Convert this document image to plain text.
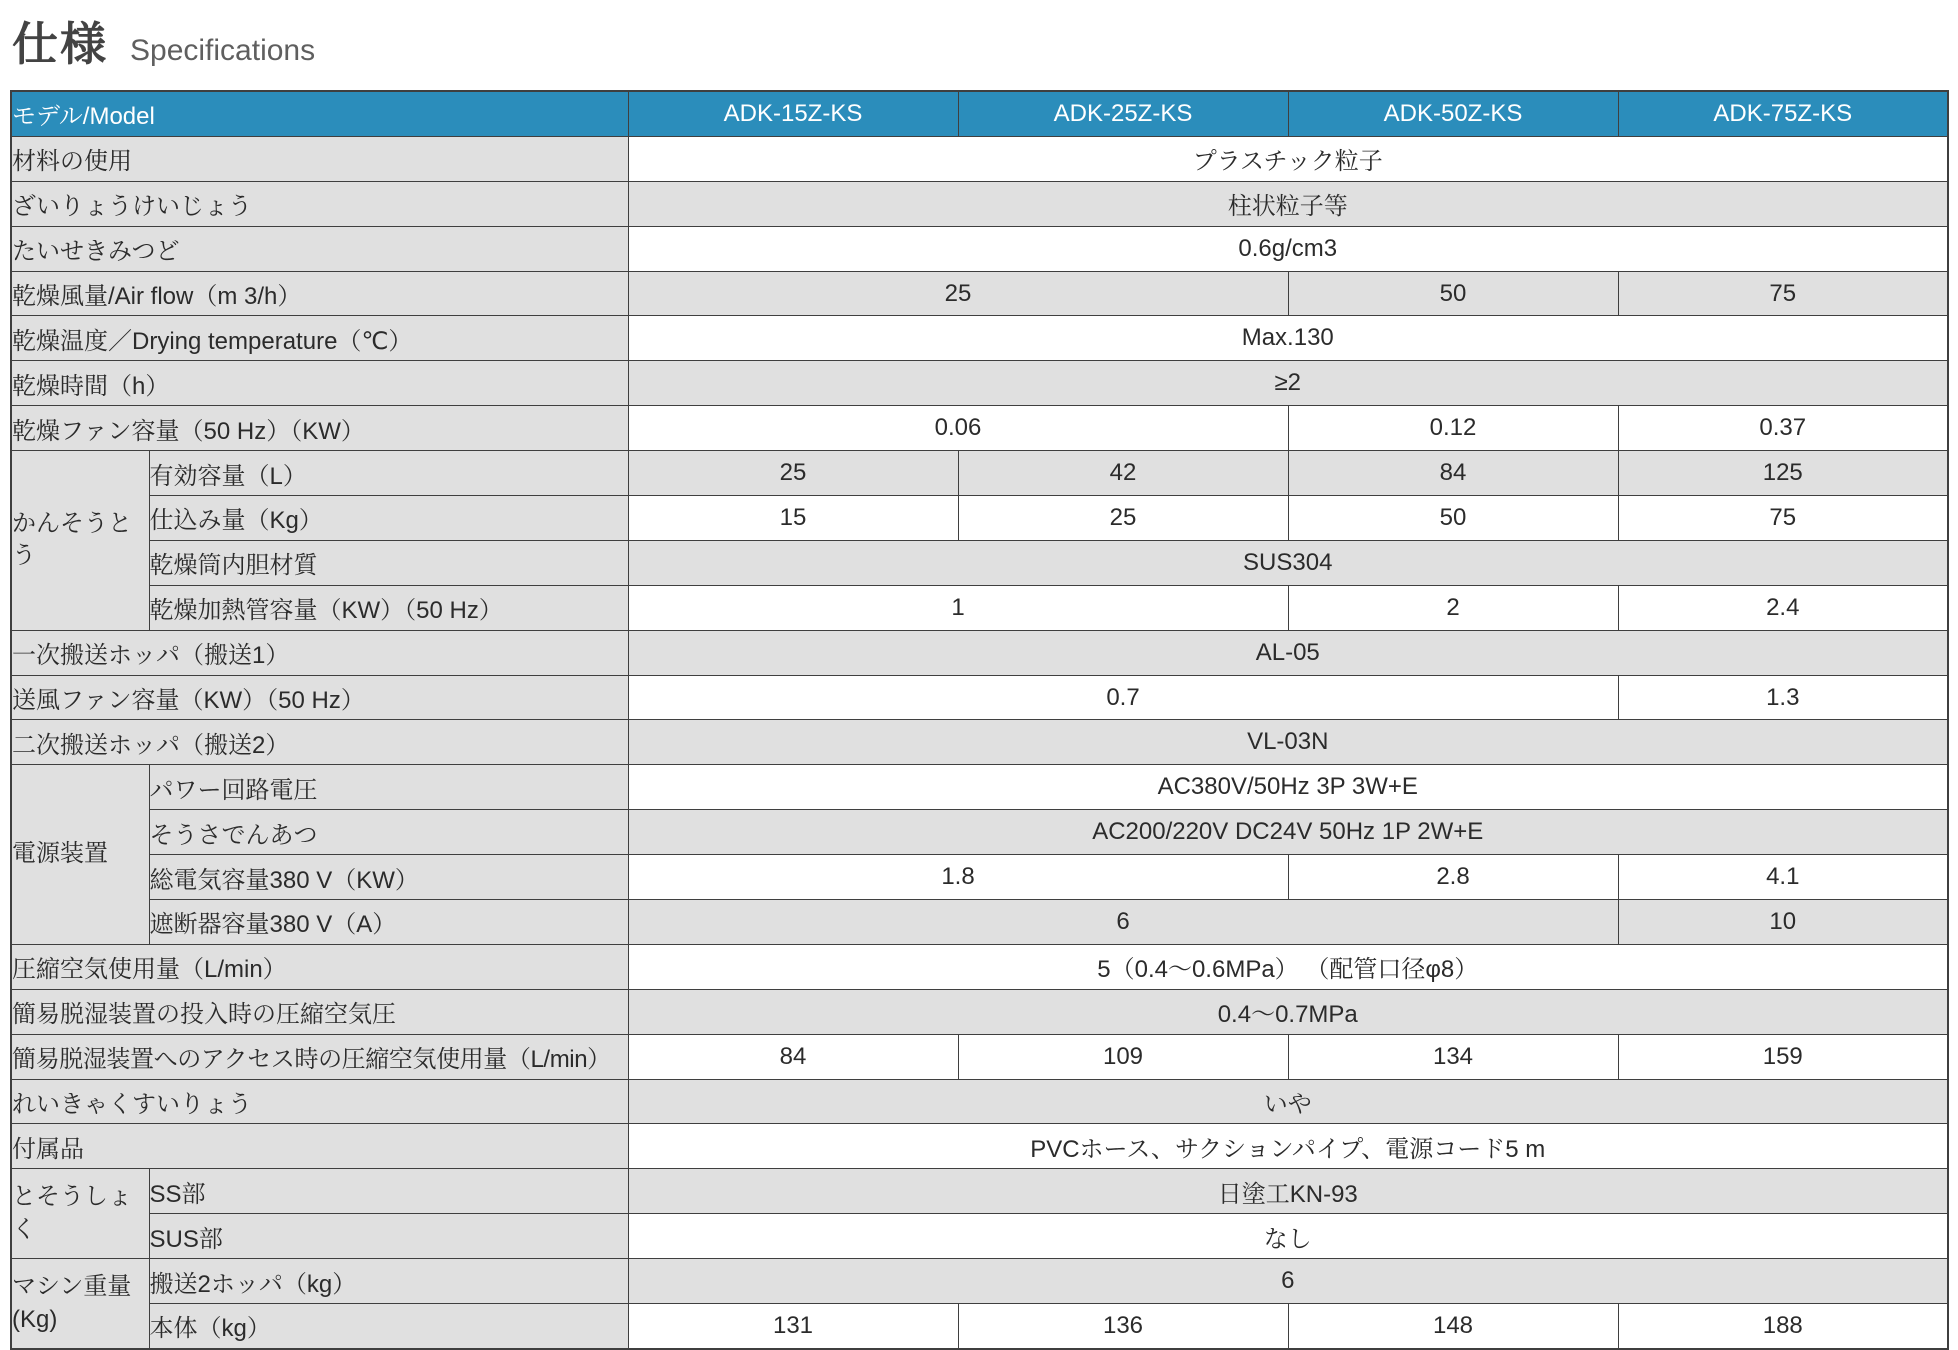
仕様 Specifications
モデル/Model		ADK-15Z-KS	ADK-25Z-KS	ADK-50Z-KS	ADK-75Z-KS
材料の使用		プラスチック粒子			
ざいりょうけいじょう		柱状粒子等			
たいせきみつど		0.6g/cm3			
乾燥風量/Air flow（m 3/h）		25		50	75
乾燥温度／Drying temperature（℃）		Max.130			
乾燥時間（h）		≥2			
乾燥ファン容量（50 Hz）（KW）		0.06		0.12	0.37
かんそうとう	有効容量（L）	25	42	84	125
	仕込み量（Kg）	15	25	50	75
	乾燥筒内胆材質	SUS304			
	乾燥加熱管容量（KW）（50 Hz）	1		2	2.4
一次搬送ホッパ（搬送1）		AL-05			
送風ファン容量（KW）（50 Hz）		0.7			1.3
二次搬送ホッパ（搬送2）		VL-03N			
電源装置	パワー回路電圧	AC380V/50Hz 3P 3W+E			
	そうさでんあつ	AC200/220V DC24V 50Hz 1P 2W+E			
	総電気容量380 V（KW）	1.8		2.8	4.1
	遮断器容量380 V（A）	6			10
圧縮空気使用量（L/min）		5（0.4～0.6MPa） （配管口径φ8）			
簡易脱湿装置の投入時の圧縮空気圧		0.4～0.7MPa			
簡易脱湿装置へのアクセス時の圧縮空気使用量（L/min）		84	109	134	159
れいきゃくすいりょう		いや			
付属品		PVCホース、サクションパイプ、電源コード5 m			
とそうしょく	SS部	日塗工KN-93			
	SUS部	なし			
マシン重量 (Kg)	搬送2ホッパ（kg）	6			
	本体（kg）	131	136	148	188
